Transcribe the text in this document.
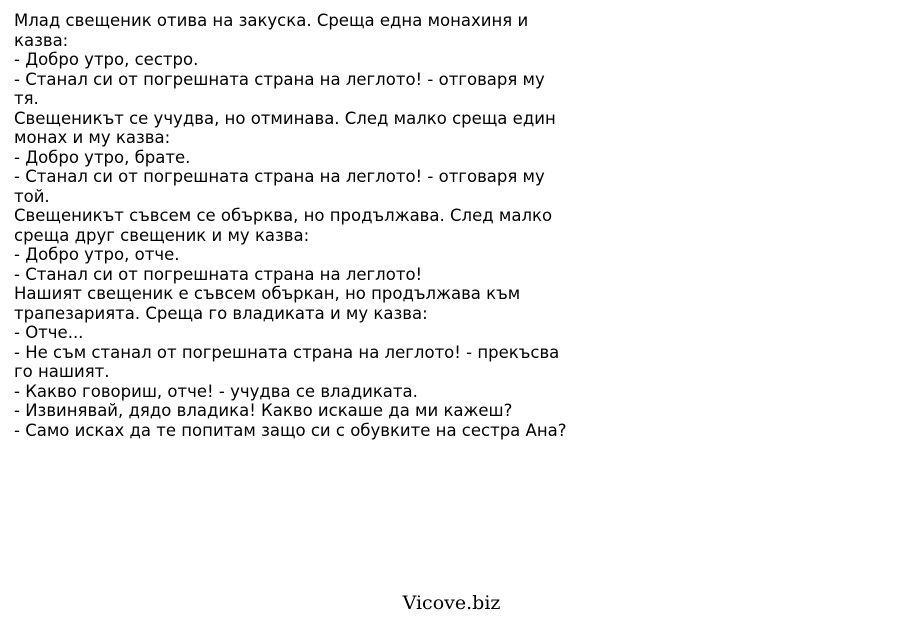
Млад свещеник отива на закуска. Среща една монахиня и казва:

- Добро утро, сестро.

- Станал си от погрешната страна на леглото! - отговаря му тя.

Свещеникът се учудва, но отминава. След малко среща един монах и му казва:

- Добро утро, брате.

- Станал си от погрешната страна на леглото! - отговаря му той.

Свещеникът съвсем се обърква, но продължава. След малко среща друг свещеник и му казва:

- Добро утро, отче.

- Станал си от погрешната страна на леглото!

Нашият свещеник е съвсем объркан, но продължава към трапезарията. Среща го владиката и му казва:

- Отче...

- Не съм станал от погрешната страна на леглото! - прекъсва го нашият.

- Какво говориш, отче! - учудва се владиката.

- Извинявай, дядо владика! Какво искаше да ми кажеш?

- Само исках да те попитам защо си с обувките на сестра Ана?

Vicove.biz
